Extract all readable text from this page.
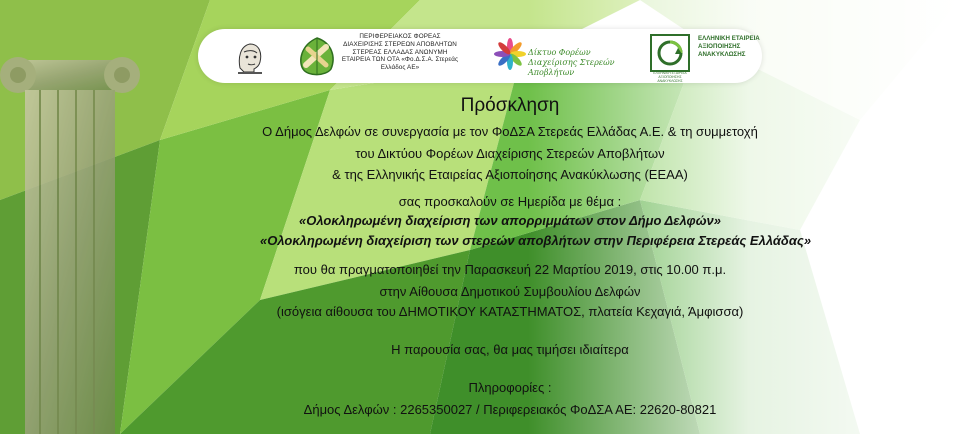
ΠΕΡΙΦΕΡΕΙΑΚΟΣ ΦΟΡΕΑΣ ΔΙΑΧΕΙΡΙΣΗΣ ΣΤΕΡΕΩΝ ΑΠΟΒΛΗΤΩΝ ΣΤΕΡΕΑΣ ΕΛΛΑΔΑΣ ΑΝΩΝΥΜΗ ΕΤΑΙΡΕΙΑ ΤΩΝ ΟΤΑ «Φο.Δ.Σ.Α. Στερεάς Ελλάδος ΑΕ»
Δίκτυο Φορέων Διαχείρισης Στερεών Αποβλήτων	ΕΛΛΗΝΙΚΗ ΕΤΑΙΡΕΙΑ ΑΞΙΟΠΟΙΗΣΗΣ ΑΝΑΚΥΚΛΩΣΗΣ
ΕΛΛΗΝΙΚΗ ΕΤΑΙΡΕΙΑ ΑΞΙΟΠΟΙΗΣΗΣ ΑΝΑΚΥΚΛΩΣΗΣ
Πρόσκληση
Ο Δήμος Δελφών σε συνεργασία με τον ΦοΔΣΑ Στερεάς Ελλάδας Α.Ε. & τη συμμετοχή
του Δικτύου Φορέων Διαχείρισης Στερεών Αποβλήτων
& της Ελληνικής Εταιρείας Αξιοποίησης Ανακύκλωσης (ΕΕΑΑ)
σας προσκαλούν σε Ημερίδα με θέμα :
«Ολοκληρωμένη διαχείριση των απορριμμάτων στον Δήμο Δελφών»
«Ολοκληρωμένη διαχείριση των στερεών αποβλήτων στην Περιφέρεια Στερεάς Ελλάδας»
που θα πραγματοποιηθεί την Παρασκευή 22 Μαρτίου 2019, στις 10.00 π.μ.
στην Αίθουσα Δημοτικού Συμβουλίου Δελφών
(ισόγεια αίθουσα του ΔΗΜΟΤΙΚΟΥ ΚΑΤΑΣΤΗΜΑΤΟΣ, πλατεία Κεχαγιά, Άμφισσα)
Η παρουσία σας, θα μας τιμήσει ιδιαίτερα
Πληροφορίες :
Δήμος Δελφών : 2265350027 / Περιφερειακός ΦοΔΣΑ ΑΕ: 22620-80821
